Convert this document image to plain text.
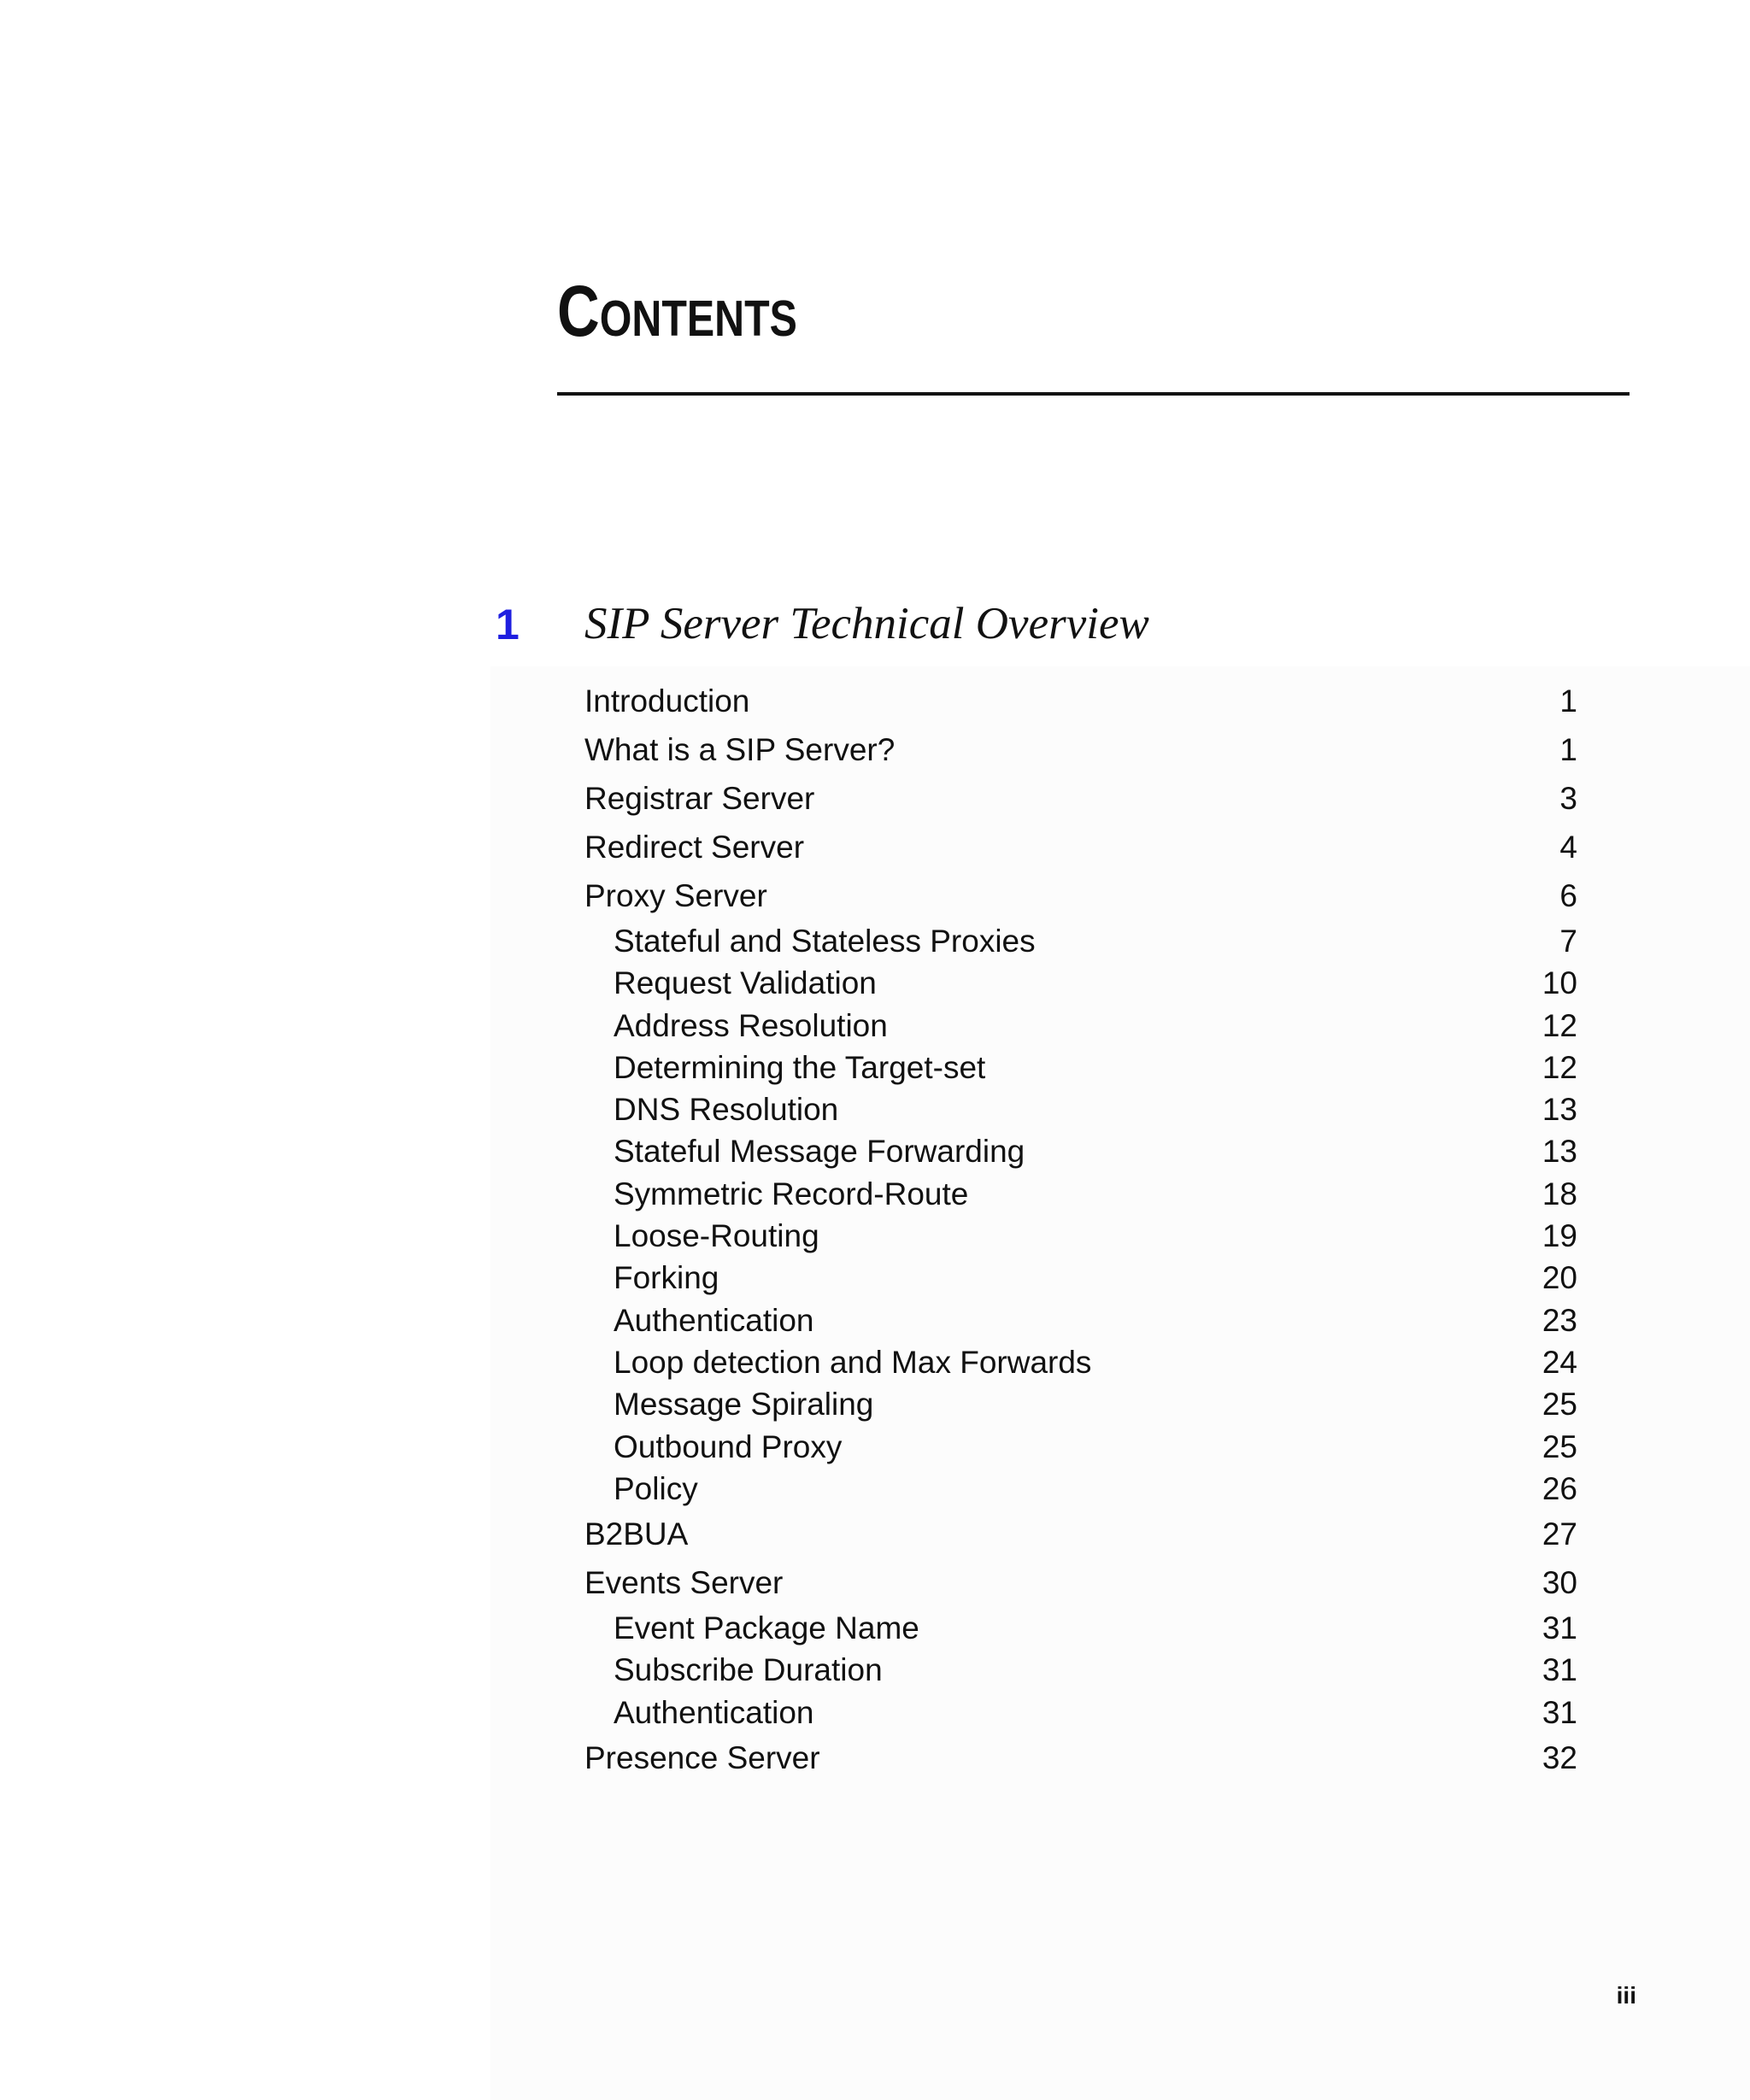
Contents
1 SIP Server Technical Overview
Introduction	1
What is a SIP Server?	1
Registrar Server	3
Redirect Server	4
Proxy Server	6
Stateful and Stateless Proxies	7
Request Validation	10
Address Resolution	12
Determining the Target-set	12
DNS Resolution	13
Stateful Message Forwarding	13
Symmetric Record-Route	18
Loose-Routing	19
Forking	20
Authentication	23
Loop detection and Max Forwards	24
Message Spiraling	25
Outbound Proxy	25
Policy	26
B2BUA	27
Events Server	30
Event Package Name	31
Subscribe Duration	31
Authentication	31
Presence Server	32
iii
